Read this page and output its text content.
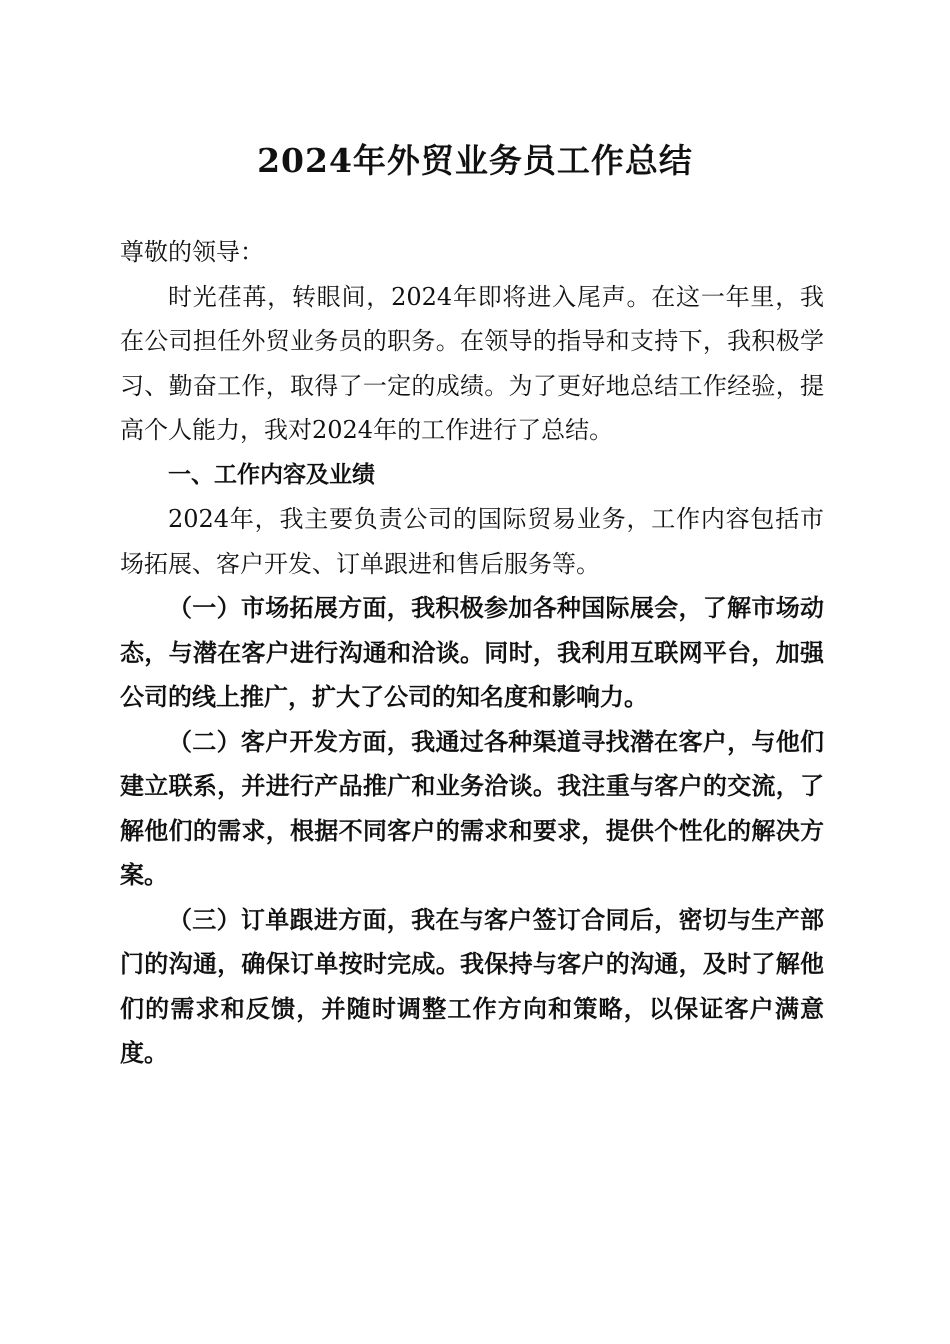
2024年外贸业务员工作总结

尊敬的领导：

时光荏苒，转眼间，2024年即将进入尾声。在这一年里，我在公司担任外贸业务员的职务。在领导的指导和支持下，我积极学习、勤奋工作，取得了一定的成绩。为了更好地总结工作经验，提高个人能力，我对2024年的工作进行了总结。

一、工作内容及业绩

2024年，我主要负责公司的国际贸易业务，工作内容包括市场拓展、客户开发、订单跟进和售后服务等。

（一）市场拓展方面，我积极参加各种国际展会，了解市场动态，与潜在客户进行沟通和洽谈。同时，我利用互联网平台，加强公司的线上推广，扩大了公司的知名度和影响力。

（二）客户开发方面，我通过各种渠道寻找潜在客户，与他们建立联系，并进行产品推广和业务洽谈。我注重与客户的交流，了解他们的需求，根据不同客户的需求和要求，提供个性化的解决方案。

（三）订单跟进方面，我在与客户签订合同后，密切与生产部门的沟通，确保订单按时完成。我保持与客户的沟通，及时了解他们的需求和反馈，并随时调整工作方向和策略，以保证客户满意度。
